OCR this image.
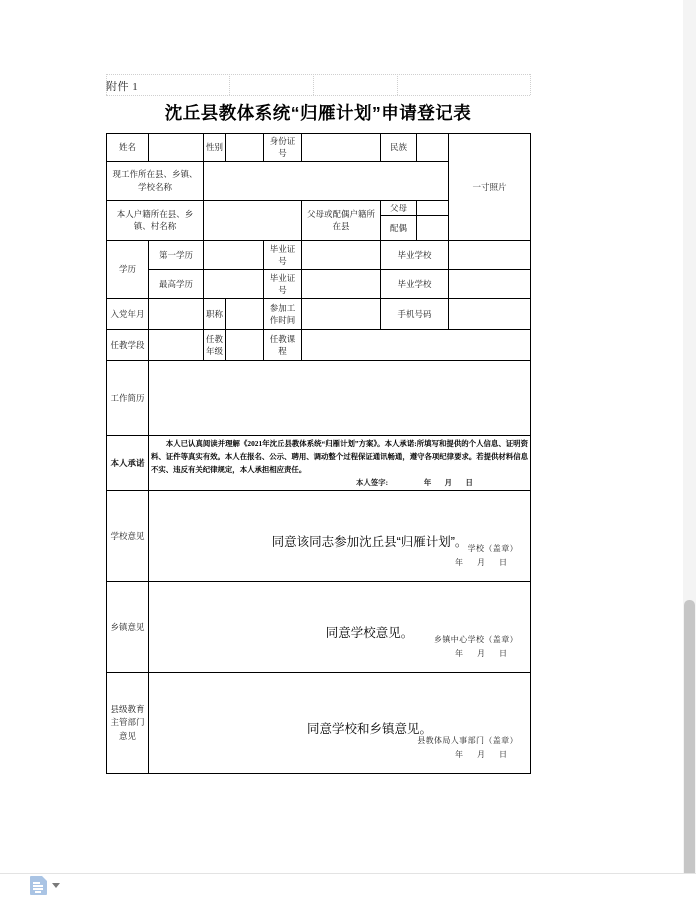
附件 1
沈丘县教体系统“归雁计划”申请登记表
姓名		性别		身份证号		民族		一寸照片
现工作所在县、乡镇、学校名称								
本人户籍所在县、乡镇、村名称					父母或配偶户籍所在县	父母		
						配偶		
学历	第一学历			毕业证号		毕业学校		
	最高学历			毕业证号		毕业学校		
入党年月		职称		参加工作时间		手机号码		
任教学段		任教年级		任教课程				
工作简历								
本人承诺	本人已认真阅读并理解《2021年沈丘县教体系统“归雁计划”方案》。本人承诺:所填写和提供的个人信息、证明资料、证件等真实有效。本人在报名、公示、聘用、调动整个过程保证通讯畅通，遵守各项纪律要求。若提供材料信息不实、违反有关纪律规定，本人承担相应责任。
本人签字: 年　月　日							

学校意见	同意该同志参加沈丘县“归雁计划”。 学校（盖章）
年　月　日							

乡镇意见	同意学校意见。 乡镇中心学校（盖章）
年　月　日							

县级教育主管部门意见	同意学校和乡镇意见。
县教体局人事部门（盖章）
年　月　日							
